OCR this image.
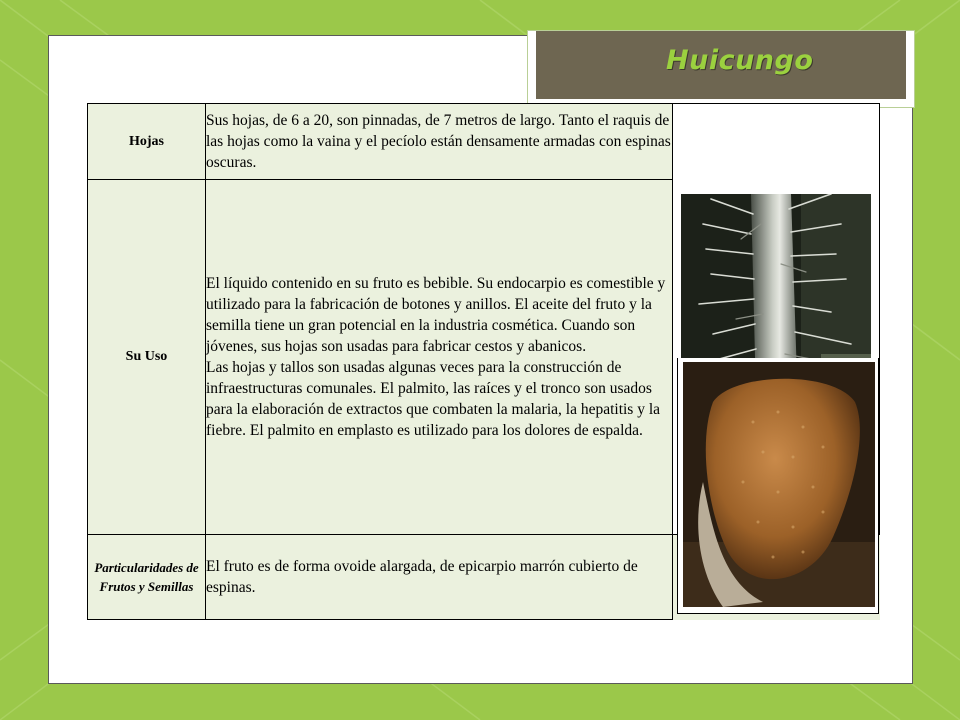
Huicungo
Hojas	Sus hojas, de 6 a 20, son pinnadas, de 7 metros de largo. Tanto el raquis de las hojas como la vaina y el pecíolo están densamente armadas con espinas oscuras.	
Su Uso	El líquido contenido en su fruto es bebible. Su endocarpio es comestible y utilizado para la fabricación de botones y anillos. El aceite del fruto y la semilla tiene un gran potencial en la industria cosmética. Cuando son jóvenes, sus hojas son usadas para fabricar cestos y abanicos.
Las hojas y tallos son usadas algunas veces para la construcción de infraestructuras comunales. El palmito, las raíces y el tronco son usados para la elaboración de extractos que combaten la malaria, la hepatitis y la fiebre. El palmito en emplasto es utilizado para los dolores de espalda.	

Particularidades de Frutos y Semillas	El fruto es de forma ovoide alargada, de epicarpio marrón cubierto de espinas.	
